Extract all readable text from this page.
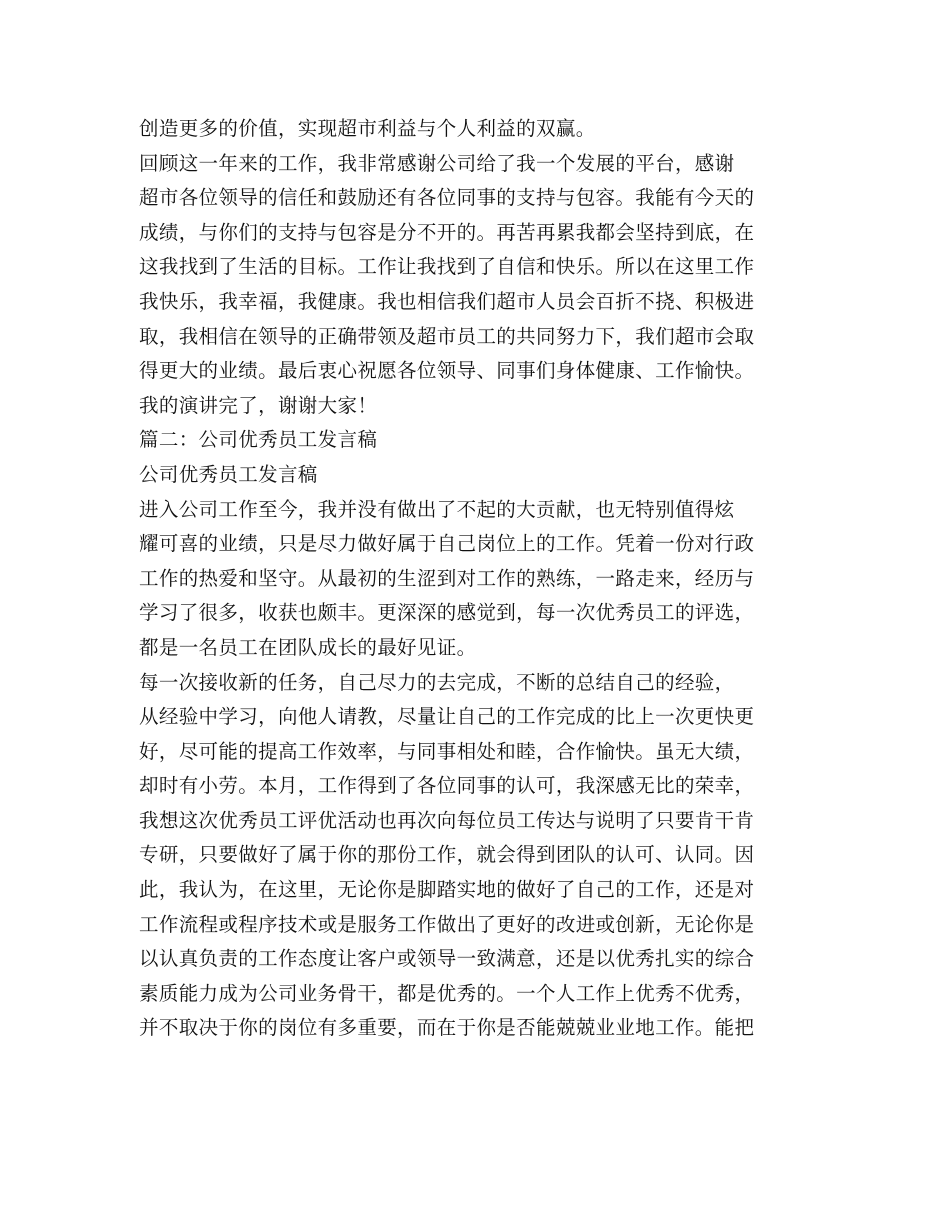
创造更多的价值，实现超市利益与个人利益的双赢。
回顾这一年来的工作，我非常感谢公司给了我一个发展的平台，感谢
超市各位领导的信任和鼓励还有各位同事的支持与包容。我能有今天的
成绩，与你们的支持与包容是分不开的。再苦再累我都会坚持到底，在
这我找到了生活的目标。工作让我找到了自信和快乐。所以在这里工作
我快乐，我幸福，我健康。我也相信我们超市人员会百折不挠、积极进
取，我相信在领导的正确带领及超市员工的共同努力下，我们超市会取
得更大的业绩。最后衷心祝愿各位领导、同事们身体健康、工作愉快。
我的演讲完了，谢谢大家！
篇二：公司优秀员工发言稿
公司优秀员工发言稿
进入公司工作至今，我并没有做出了不起的大贡献，也无特别值得炫
耀可喜的业绩，只是尽力做好属于自己岗位上的工作。凭着一份对行政
工作的热爱和坚守。从最初的生涩到对工作的熟练，一路走来，经历与
学习了很多，收获也颇丰。更深深的感觉到，每一次优秀员工的评选，
都是一名员工在团队成长的最好见证。
每一次接收新的任务，自己尽力的去完成，不断的总结自己的经验，
从经验中学习，向他人请教，尽量让自己的工作完成的比上一次更快更
好，尽可能的提高工作效率，与同事相处和睦，合作愉快。虽无大绩，
却时有小劳。本月，工作得到了各位同事的认可，我深感无比的荣幸，
我想这次优秀员工评优活动也再次向每位员工传达与说明了只要肯干肯
专研，只要做好了属于你的那份工作，就会得到团队的认可、认同。因
此，我认为，在这里，无论你是脚踏实地的做好了自己的工作，还是对
工作流程或程序技术或是服务工作做出了更好的改进或创新，无论你是
以认真负责的工作态度让客户或领导一致满意，还是以优秀扎实的综合
素质能力成为公司业务骨干，都是优秀的。一个人工作上优秀不优秀，
并不取决于你的岗位有多重要，而在于你是否能兢兢业业地工作。能把
